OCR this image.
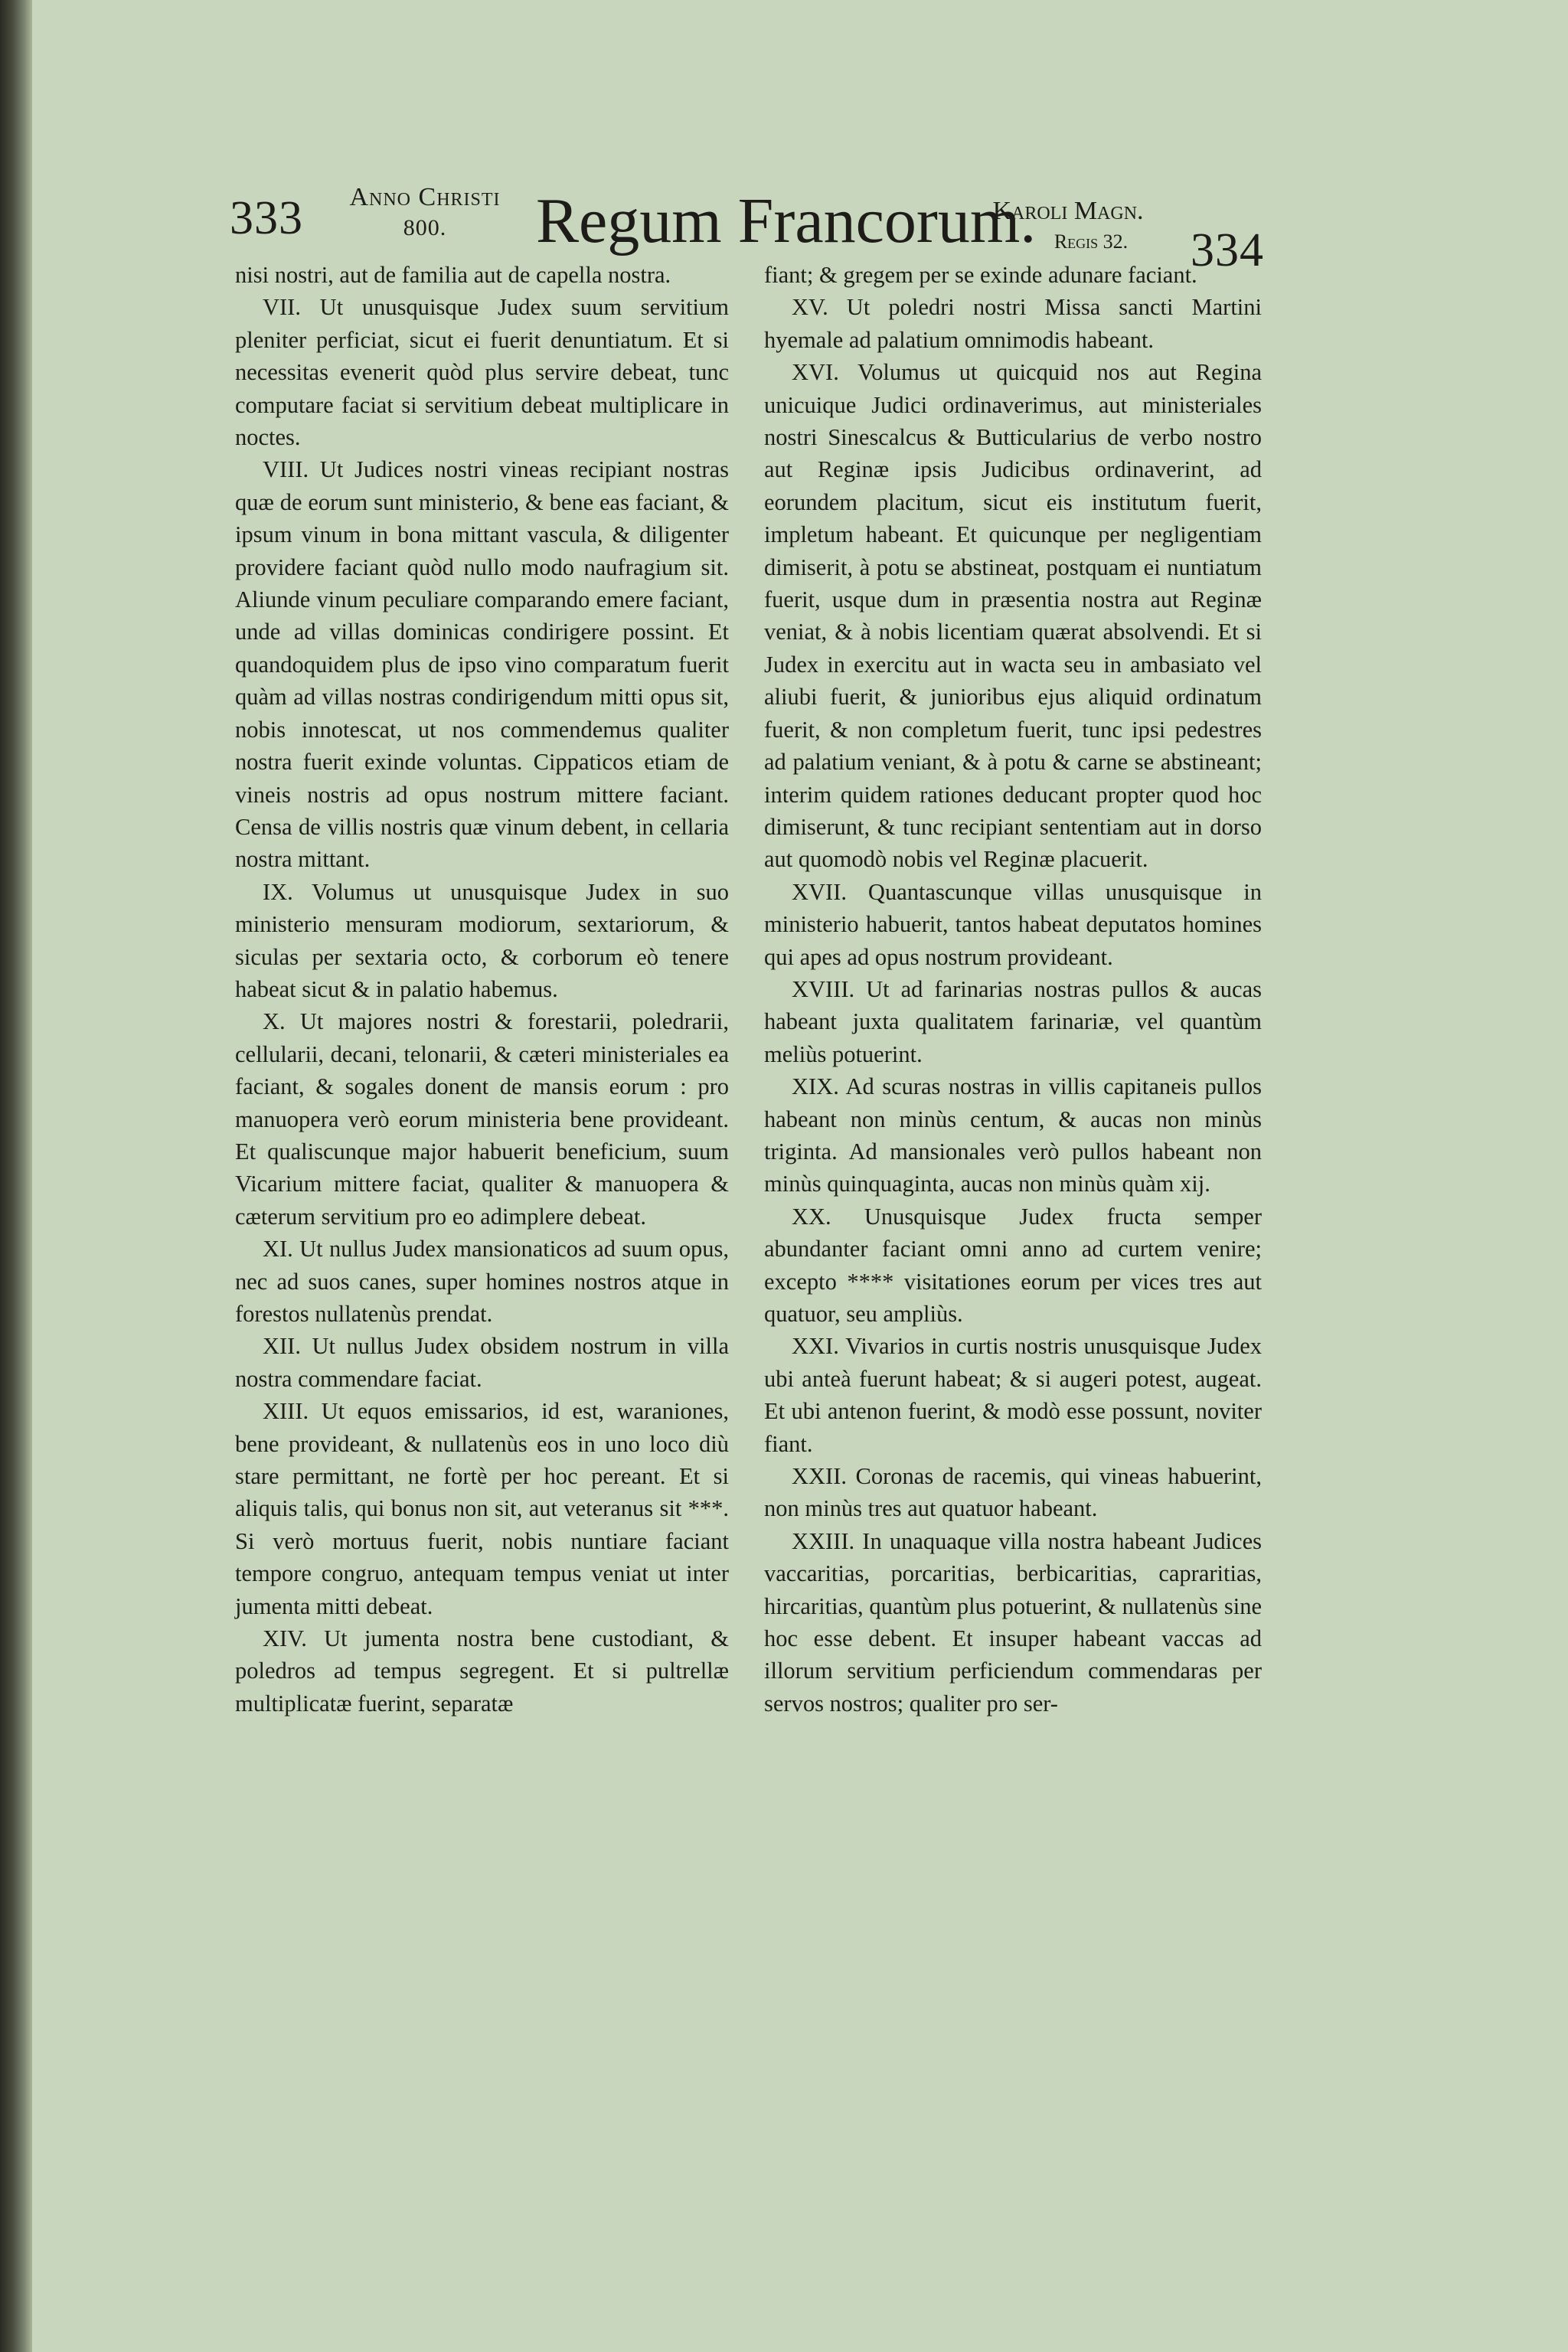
333	Anno Christi
800.	Regum Francorum.
Karoli Magn.
Regis 32.	334

nisi nostri, aut de familia aut de capella nostra.

VII. Ut unusquisque Judex suum servitium pleniter perficiat, sicut ei fuerit denuntiatum. Et si necessitas evenerit quòd plus servire debeat, tunc computare faciat si servitium debeat multiplicare in noctes.

VIII. Ut Judices nostri vineas recipiant nostras quæ de eorum sunt ministerio, & bene eas faciant, & ipsum vinum in bona mittant vascula, & diligenter providere faciant quòd nullo modo naufragium sit. Aliunde vinum peculiare comparando emere faciant, unde ad villas dominicas condirigere possint. Et quandoquidem plus de ipso vino comparatum fuerit quàm ad villas nostras condirigendum mitti opus sit, nobis innotescat, ut nos commendemus qualiter nostra fuerit exinde voluntas. Cippaticos etiam de vineis nostris ad opus nostrum mittere faciant. Censa de villis nostris quæ vinum debent, in cellaria nostra mittant.

IX. Volumus ut unusquisque Judex in suo ministerio mensuram modiorum, sextariorum, & siculas per sextaria octo, & corborum eò tenere habeat sicut & in palatio habemus.

X. Ut majores nostri & forestarii, poledrarii, cellularii, decani, telonarii, & cæteri ministeriales ea faciant, & sogales donent de mansis eorum : pro manuopera verò eorum ministeria bene provideant. Et qualiscunque major habuerit beneficium, suum Vicarium mittere faciat, qualiter & manuopera & cæterum servitium pro eo adimplere debeat.

XI. Ut nullus Judex mansionaticos ad suum opus, nec ad suos canes, super homines nostros atque in forestos nullatenùs prendat.

XII. Ut nullus Judex obsidem nostrum in villa nostra commendare faciat.

XIII. Ut equos emissarios, id est, waraniones, bene provideant, & nullatenùs eos in uno loco diù stare permittant, ne fortè per hoc pereant. Et si aliquis talis, qui bonus non sit, aut veteranus sit ***. Si verò mortuus fuerit, nobis nuntiare faciant tempore congruo, antequam tempus veniat ut inter jumenta mitti debeat.

XIV. Ut jumenta nostra bene custodiant, & poledros ad tempus segregent. Et si pultrellæ multiplicatæ fuerint, separatæ

fiant; & gregem per se exinde adunare faciant.

XV. Ut poledri nostri Missa sancti Martini hyemale ad palatium omnimodis habeant.

XVI. Volumus ut quicquid nos aut Regina unicuique Judici ordinaverimus, aut ministeriales nostri Sinescalcus & Butticularius de verbo nostro aut Reginæ ipsis Judicibus ordinaverint, ad eorundem placitum, sicut eis institutum fuerit, impletum habeant. Et quicunque per negligentiam dimiserit, à potu se abstineat, postquam ei nuntiatum fuerit, usque dum in præsentia nostra aut Reginæ veniat, & à nobis licentiam quærat absolvendi. Et si Judex in exercitu aut in wacta seu in ambasiato vel aliubi fuerit, & junioribus ejus aliquid ordinatum fuerit, & non completum fuerit, tunc ipsi pedestres ad palatium veniant, & à potu & carne se abstineant; interim quidem rationes deducant propter quod hoc dimiserunt, & tunc recipiant sententiam aut in dorso aut quomodò nobis vel Reginæ placuerit.

XVII. Quantascunque villas unusquisque in ministerio habuerit, tantos habeat deputatos homines qui apes ad opus nostrum provideant.

XVIII. Ut ad farinarias nostras pullos & aucas habeant juxta qualitatem farinariæ, vel quantùm meliùs potuerint.

XIX. Ad scuras nostras in villis capitaneis pullos habeant non minùs centum, & aucas non minùs triginta. Ad mansionales verò pullos habeant non minùs quinquaginta, aucas non minùs quàm xij.

XX. Unusquisque Judex fructa semper abundanter faciant omni anno ad curtem venire; excepto **** visitationes eorum per vices tres aut quatuor, seu ampliùs.

XXI. Vivarios in curtis nostris unusquisque Judex ubi anteà fuerunt habeat; & si augeri potest, augeat. Et ubi antenon fuerint, & modò esse possunt, noviter fiant.

XXII. Coronas de racemis, qui vineas habuerint, non minùs tres aut quatuor habeant.

XXIII. In unaquaque villa nostra habeant Judices vaccaritias, porcaritias, berbicaritias, capraritias, hircaritias, quantùm plus potuerint, & nullatenùs sine hoc esse debent. Et insuper habeant vaccas ad illorum servitium perficiendum commendaras per servos nostros; qualiter pro ser-
